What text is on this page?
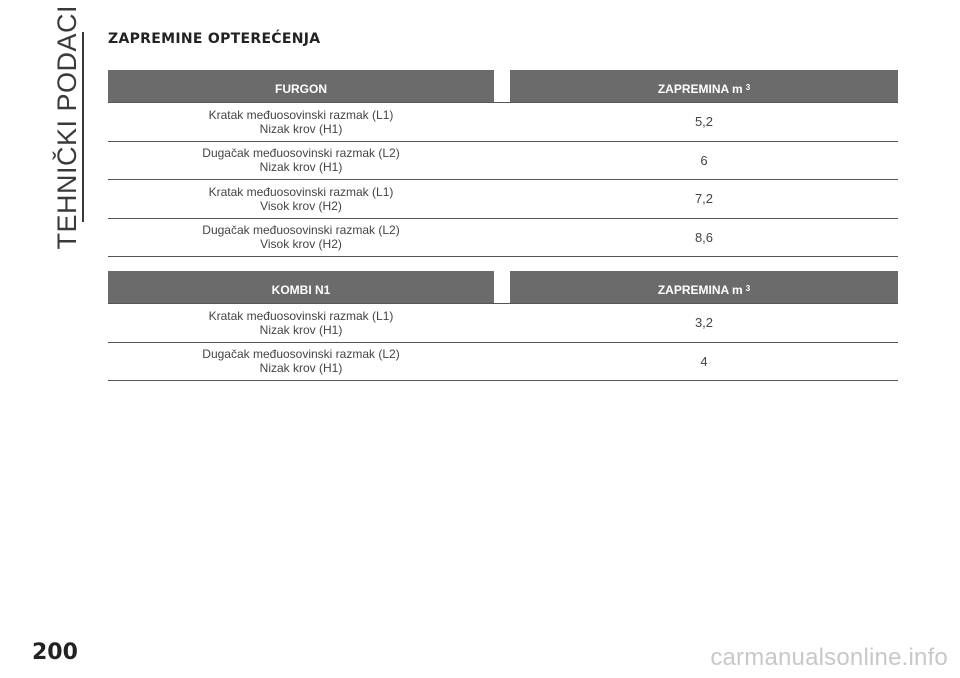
TEHNIČKI PODACI ZAPREMINE OPTEREĆENJA
FURGON	ZAPREMINA m $^3$
Kratak međuosovinski razmak (L1)
Nizak krov (H1)	5,2
Dugačak međuosovinski razmak (L2)
Nizak krov (H1)	6
Kratak međuosovinski razmak (L1)
Visok krov (H2)	7,2
Dugačak međuosovinski razmak (L2)
Visok krov (H2)	8,6
KOMBI N1	ZAPREMINA m $^3$
Kratak međuosovinski razmak (L1)
Nizak krov (H1)	3,2
Dugačak međuosovinski razmak (L2)
Nizak krov (H1)	4
200	carmanualsonline.info
